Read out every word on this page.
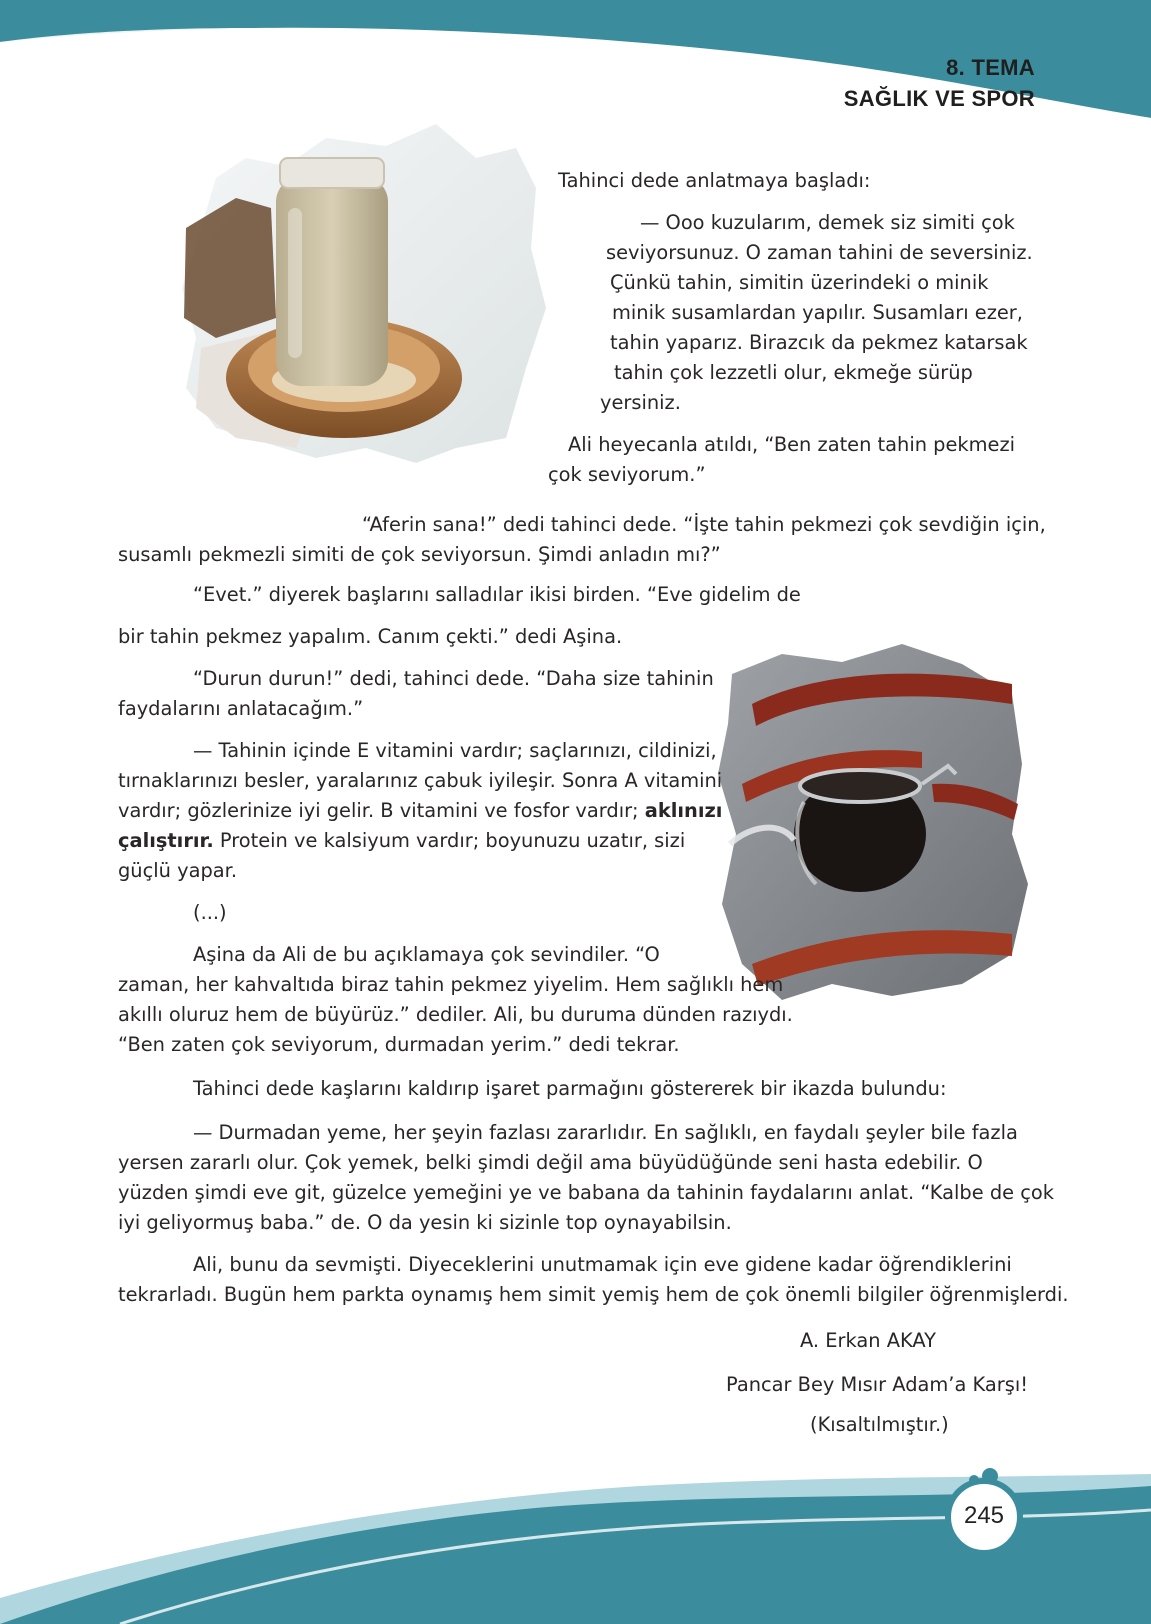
8. TEMA
SAĞLIK VE SPOR
Tahinci dede anlatmaya başladı:
— Ooo kuzularım, demek siz simiti çok
seviyorsunuz. O zaman tahini de seversiniz.
Çünkü tahin, simitin üzerindeki o minik
minik susamlardan yapılır. Susamları ezer,
tahin yaparız. Birazcık da pekmez katarsak
tahin çok lezzetli olur, ekmeğe sürüp
yersiniz.
Ali heyecanla atıldı, “Ben zaten tahin pekmezi
çok seviyorum.”
“Aferin sana!” dedi tahinci dede. “İşte tahin pekmezi çok sevdiğin için,
susamlı pekmezli simiti de çok seviyorsun. Şimdi anladın mı?”
“Evet.” diyerek başlarını salladılar ikisi birden. “Eve gidelim de
bir tahin pekmez yapalım. Canım çekti.” dedi Aşina.
“Durun durun!” dedi, tahinci dede. “Daha size tahinin
faydalarını anlatacağım.”
— Tahinin içinde E vitamini vardır; saçlarınızı, cildinizi,
tırnaklarınızı besler, yaralarınız çabuk iyileşir. Sonra A vitamini
vardır; gözlerinize iyi gelir. B vitamini ve fosfor vardır; aklınızı
çalıştırır. Protein ve kalsiyum vardır; boyunuzu uzatır, sizi
güçlü yapar.
(...)
Aşina da Ali de bu açıklamaya çok sevindiler. “O
zaman, her kahvaltıda biraz tahin pekmez yiyelim. Hem sağlıklı hem
akıllı oluruz hem de büyürüz.” dediler. Ali, bu duruma dünden razıydı.
“Ben zaten çok seviyorum, durmadan yerim.” dedi tekrar.
Tahinci dede kaşlarını kaldırıp işaret parmağını göstererek bir ikazda bulundu:
— Durmadan yeme, her şeyin fazlası zararlıdır. En sağlıklı, en faydalı şeyler bile fazla
yersen zararlı olur. Çok yemek, belki şimdi değil ama büyüdüğünde seni hasta edebilir. O
yüzden şimdi eve git, güzelce yemeğini ye ve babana da tahinin faydalarını anlat. “Kalbe de çok
iyi geliyormuş baba.” de. O da yesin ki sizinle top oynayabilsin.
Ali, bunu da sevmişti. Diyeceklerini unutmamak için eve gidene kadar öğrendiklerini
tekrarladı. Bugün hem parkta oynamış hem simit yemiş hem de çok önemli bilgiler öğrenmişlerdi.
A. Erkan AKAY
Pancar Bey Mısır Adam’a Karşı!
(Kısaltılmıştır.)
245
